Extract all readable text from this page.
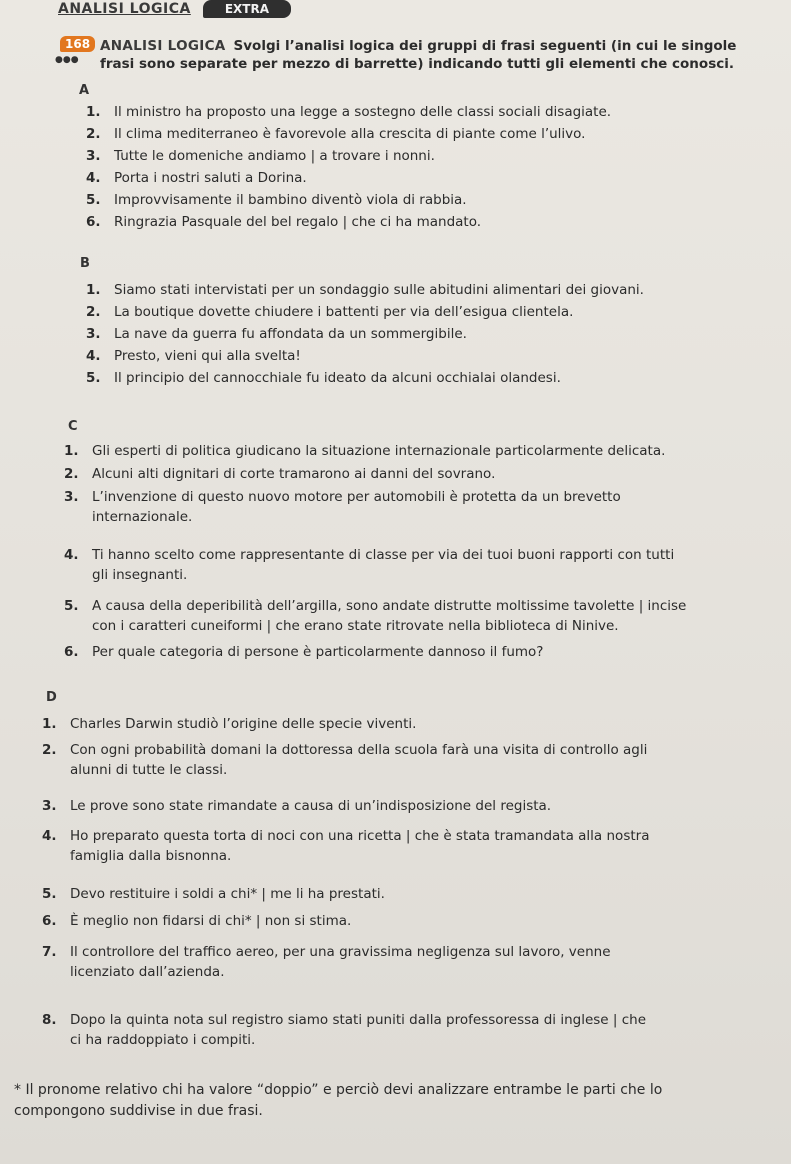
ANALISI LOGICA	EXTRA
168
●●●
ANALISI LOGICA Svolgi l’analisi logica dei gruppi di frasi seguenti (in cui le singole
frasi sono separate per mezzo di barrette) indicando tutti gli elementi che conosci.
A
1. Il ministro ha proposto una legge a sostegno delle classi sociali disagiate.
2. Il clima mediterraneo è favorevole alla crescita di piante come l’ulivo.
3. Tutte le domeniche andiamo | a trovare i nonni.
4. Porta i nostri saluti a Dorina.
5. Improvvisamente il bambino diventò viola di rabbia.
6. Ringrazia Pasquale del bel regalo | che ci ha mandato.
B
1. Siamo stati intervistati per un sondaggio sulle abitudini alimentari dei giovani.
2. La boutique dovette chiudere i battenti per via dell’esigua clientela.
3. La nave da guerra fu affondata da un sommergibile.
4. Presto, vieni qui alla svelta!
5. Il principio del cannocchiale fu ideato da alcuni occhialai olandesi.
C
1. Gli esperti di politica giudicano la situazione internazionale particolarmente delicata.
2. Alcuni alti dignitari di corte tramarono ai danni del sovrano.
3. L’invenzione di questo nuovo motore per automobili è protetta da un brevetto
internazionale.
4. Ti hanno scelto come rappresentante di classe per via dei tuoi buoni rapporti con tutti
gli insegnanti.
5. A causa della deperibilità dell’argilla, sono andate distrutte moltissime tavolette | incise
con i caratteri cuneiformi | che erano state ritrovate nella biblioteca di Ninive.
6. Per quale categoria di persone è particolarmente dannoso il fumo?
D
1. Charles Darwin studiò l’origine delle specie viventi.
2. Con ogni probabilità domani la dottoressa della scuola farà una visita di controllo agli
alunni di tutte le classi.
3. Le prove sono state rimandate a causa di un’indisposizione del regista.
4. Ho preparato questa torta di noci con una ricetta | che è stata tramandata alla nostra
famiglia dalla bisnonna.
5. Devo restituire i soldi a chi* | me li ha prestati.
6. È meglio non fidarsi di chi* | non si stima.
7. Il controllore del traffico aereo, per una gravissima negligenza sul lavoro, venne
licenziato dall’azienda.
8. Dopo la quinta nota sul registro siamo stati puniti dalla professoressa di inglese | che
ci ha raddoppiato i compiti.
* Il pronome relativo chi ha valore “doppio” e perciò devi analizzare entrambe le parti che lo
compongono suddivise in due frasi.
